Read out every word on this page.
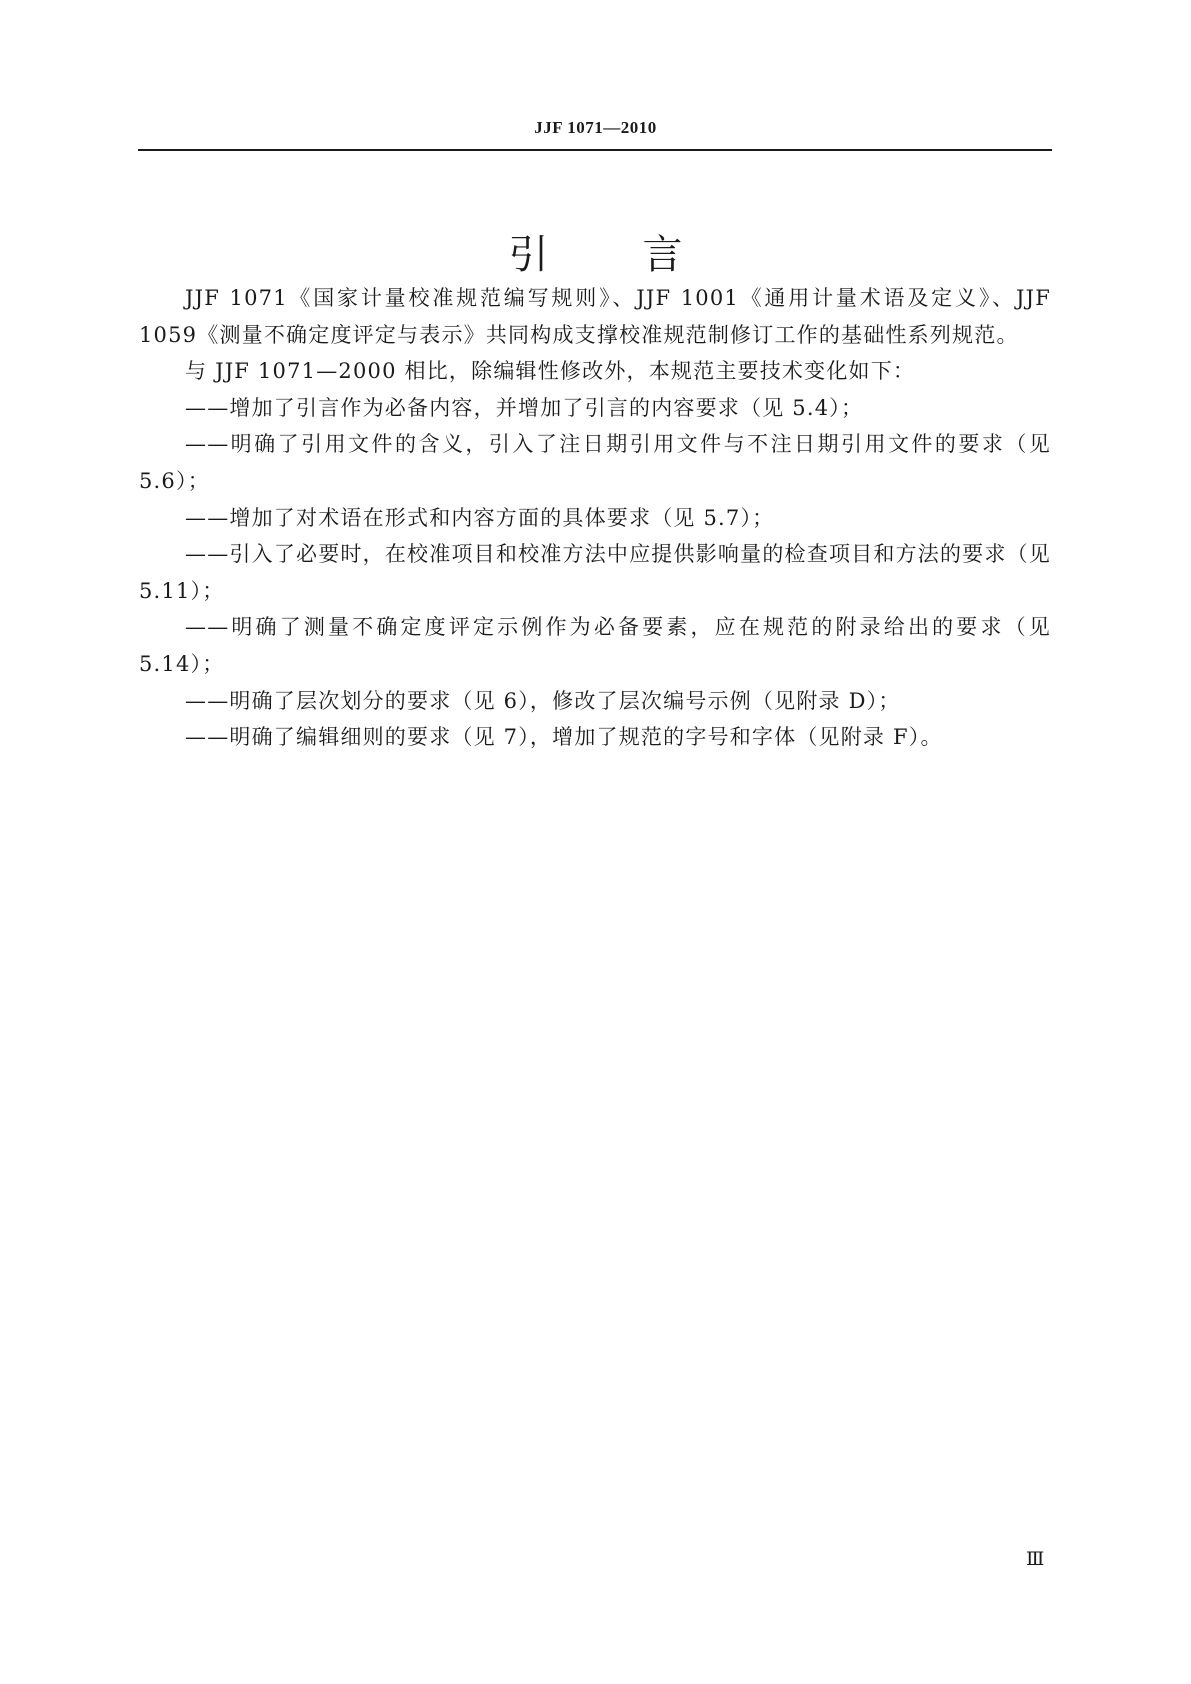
JJF 1071—2010
引 言

JJF 1071《国家计量校准规范编写规则》、JJF 1001《通用计量术语及定义》、JJF 1059《测量不确定度评定与表示》共同构成支撑校准规范制修订工作的基础性系列规范。

与 JJF 1071—2000 相比，除编辑性修改外，本规范主要技术变化如下：

——增加了引言作为必备内容，并增加了引言的内容要求（见 5.4）；

——明确了引用文件的含义，引入了注日期引用文件与不注日期引用文件的要求（见 5.6）；

——增加了对术语在形式和内容方面的具体要求（见 5.7）；

——引入了必要时，在校准项目和校准方法中应提供影响量的检查项目和方法的要求（见 5.11）；

——明确了测量不确定度评定示例作为必备要素，应在规范的附录给出的要求（见 5.14）；

——明确了层次划分的要求（见 6），修改了层次编号示例（见附录 D）；

——明确了编辑细则的要求（见 7），增加了规范的字号和字体（见附录 F）。

Ⅲ
